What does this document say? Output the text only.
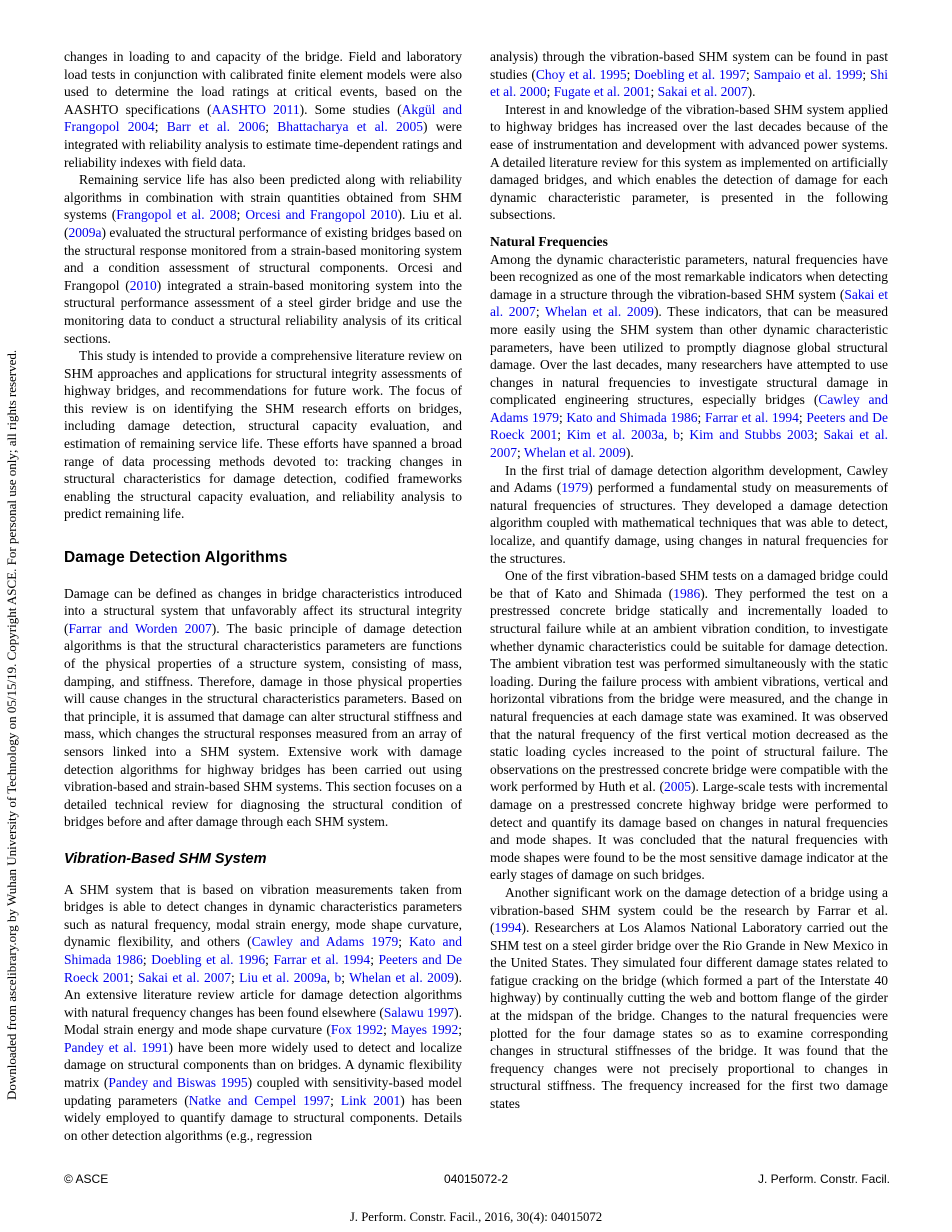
Downloaded from ascelibrary.org by Wuhan University of Technology on 05/15/19. Copyright ASCE. For personal use only; all rights reserved.

changes in loading to and capacity of the bridge. Field and laboratory load tests in conjunction with calibrated finite element models were also used to determine the load ratings at critical events, based on the AASHTO specifications (AASHTO 2011). Some studies (Akgül and Frangopol 2004; Barr et al. 2006; Bhattacharya et al. 2005) were integrated with reliability analysis to estimate time-dependent ratings and reliability indexes with field data.

Remaining service life has also been predicted along with reliability algorithms in combination with strain quantities obtained from SHM systems (Frangopol et al. 2008; Orcesi and Frangopol 2010). Liu et al. (2009a) evaluated the structural performance of existing bridges based on the structural response monitored from a strain-based monitoring system and a condition assessment of structural components. Orcesi and Frangopol (2010) integrated a strain-based monitoring system into the structural performance assessment of a steel girder bridge and use the monitoring data to conduct a structural reliability analysis of its critical sections.

This study is intended to provide a comprehensive literature review on SHM approaches and applications for structural integrity assessments of highway bridges, and recommendations for future work. The focus of this review is on identifying the SHM research efforts on bridges, including damage detection, structural capacity evaluation, and estimation of remaining service life. These efforts have spanned a broad range of data processing methods devoted to: tracking changes in structural characteristics for damage detection, codified frameworks enabling the structural capacity evaluation, and reliability analysis to predict remaining life.

Damage Detection Algorithms

Damage can be defined as changes in bridge characteristics introduced into a structural system that unfavorably affect its structural integrity (Farrar and Worden 2007). The basic principle of damage detection algorithms is that the structural characteristics parameters are functions of the physical properties of a structure system, consisting of mass, damping, and stiffness. Therefore, damage in those physical properties will cause changes in the structural characteristics parameters. Based on that principle, it is assumed that damage can alter structural stiffness and mass, which changes the structural responses measured from an array of sensors linked into a SHM system. Extensive work with damage detection algorithms for highway bridges has been carried out using vibration-based and strain-based SHM systems. This section focuses on a detailed technical review for diagnosing the structural condition of bridges before and after damage through each SHM system.

Vibration-Based SHM System

A SHM system that is based on vibration measurements taken from bridges is able to detect changes in dynamic characteristics parameters such as natural frequency, modal strain energy, mode shape curvature, dynamic flexibility, and others (Cawley and Adams 1979; Kato and Shimada 1986; Doebling et al. 1996; Farrar et al. 1994; Peeters and De Roeck 2001; Sakai et al. 2007; Liu et al. 2009a, b; Whelan et al. 2009). An extensive literature review article for damage detection algorithms with natural frequency changes has been found elsewhere (Salawu 1997). Modal strain energy and mode shape curvature (Fox 1992; Mayes 1992; Pandey et al. 1991) have been more widely used to detect and localize damage on structural components than on bridges. A dynamic flexibility matrix (Pandey and Biswas 1995) coupled with sensitivity-based model updating parameters (Natke and Cempel 1997; Link 2001) has been widely employed to quantify damage to structural components. Details on other detection algorithms (e.g., regression

analysis) through the vibration-based SHM system can be found in past studies (Choy et al. 1995; Doebling et al. 1997; Sampaio et al. 1999; Shi et al. 2000; Fugate et al. 2001; Sakai et al. 2007).

Interest in and knowledge of the vibration-based SHM system applied to highway bridges has increased over the last decades because of the ease of instrumentation and development with advanced power systems. A detailed literature review for this system as implemented on artificially damaged bridges, and which enables the detection of damage for each dynamic characteristic parameter, is presented in the following subsections.

Natural Frequencies

Among the dynamic characteristic parameters, natural frequencies have been recognized as one of the most remarkable indicators when detecting damage in a structure through the vibration-based SHM system (Sakai et al. 2007; Whelan et al. 2009). These indicators, that can be measured more easily using the SHM system than other dynamic characteristic parameters, have been utilized to promptly diagnose global structural damage. Over the last decades, many researchers have attempted to use changes in natural frequencies to investigate structural damage in complicated engineering structures, especially bridges (Cawley and Adams 1979; Kato and Shimada 1986; Farrar et al. 1994; Peeters and De Roeck 2001; Kim et al. 2003a, b; Kim and Stubbs 2003; Sakai et al. 2007; Whelan et al. 2009).

In the first trial of damage detection algorithm development, Cawley and Adams (1979) performed a fundamental study on measurements of natural frequencies of structures. They developed a damage detection algorithm coupled with mathematical techniques that was able to detect, localize, and quantify damage, using changes in natural frequencies for the structures.

One of the first vibration-based SHM tests on a damaged bridge could be that of Kato and Shimada (1986). They performed the test on a prestressed concrete bridge statically and incrementally loaded to structural failure while at an ambient vibration condition, to investigate whether dynamic characteristics could be suitable for damage detection. The ambient vibration test was performed simultaneously with the static loading. During the failure process with ambient vibrations, vertical and horizontal vibrations from the bridge were measured, and the change in natural frequencies at each damage state was examined. It was observed that the natural frequency of the first vertical motion decreased as the static loading cycles increased to the point of structural failure. The observations on the prestressed concrete bridge were compatible with the work performed by Huth et al. (2005). Large-scale tests with incremental damage on a prestressed concrete highway bridge were performed to detect and quantify its damage based on changes in natural frequencies and mode shapes. It was concluded that the natural frequencies with mode shapes were found to be the most sensitive damage indicator at the early stages of damage on such bridges.

Another significant work on the damage detection of a bridge using a vibration-based SHM system could be the research by Farrar et al. (1994). Researchers at Los Alamos National Laboratory carried out the SHM test on a steel girder bridge over the Rio Grande in New Mexico in the United States. They simulated four different damage states related to fatigue cracking on the bridge (which formed a part of the Interstate 40 highway) by continually cutting the web and bottom flange of the girder at the midspan of the bridge. Changes to the natural frequencies were plotted for the four damage states so as to examine corresponding changes in structural stiffnesses of the bridge. It was found that the frequency changes were not precisely proportional to changes in structural stiffness. The frequency increased for the first two damage states

© ASCE	04015072-2	J. Perform. Constr. Facil.
J. Perform. Constr. Facil., 2016, 30(4): 04015072
